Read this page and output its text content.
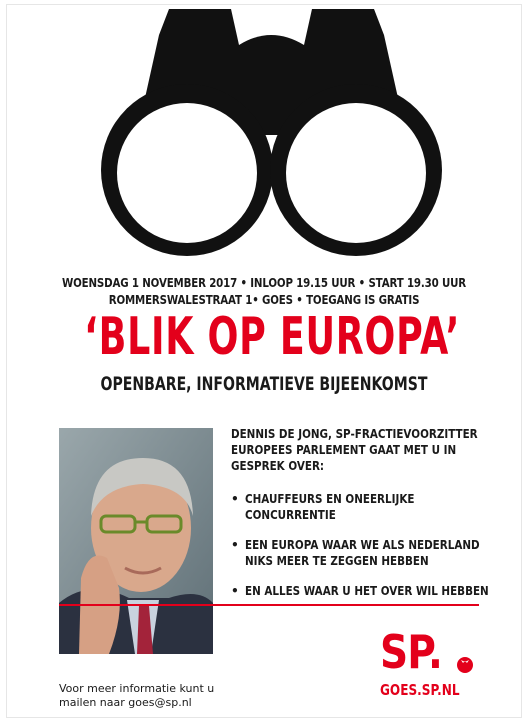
WOENSDAG 1 NOVEMBER 2017 • INLOOP 19.15 UUR • START 19.30 UUR
ROMMERSWALESTRAAT 1• GOES • TOEGANG IS GRATIS
‘BLIK OP EUROPA’
OPENBARE, INFORMATIEVE BIJEENKOMST
DENNIS DE JONG, SP-FRACTIEVOORZITTER
EUROPEES PARLEMENT GAAT MET U IN
GESPREK OVER:
• CHAUFFEURS EN ONEERLIJKE
CONCURRENTIE
• EEN EUROPA WAAR WE ALS NEDERLAND
NIKS MEER TE ZEGGEN HEBBEN
• EN ALLES WAAR U HET OVER WIL HEBBEN
Voor meer informatie kunt u
mailen naar goes@sp.nl
SP.
GOES.SP.NL
